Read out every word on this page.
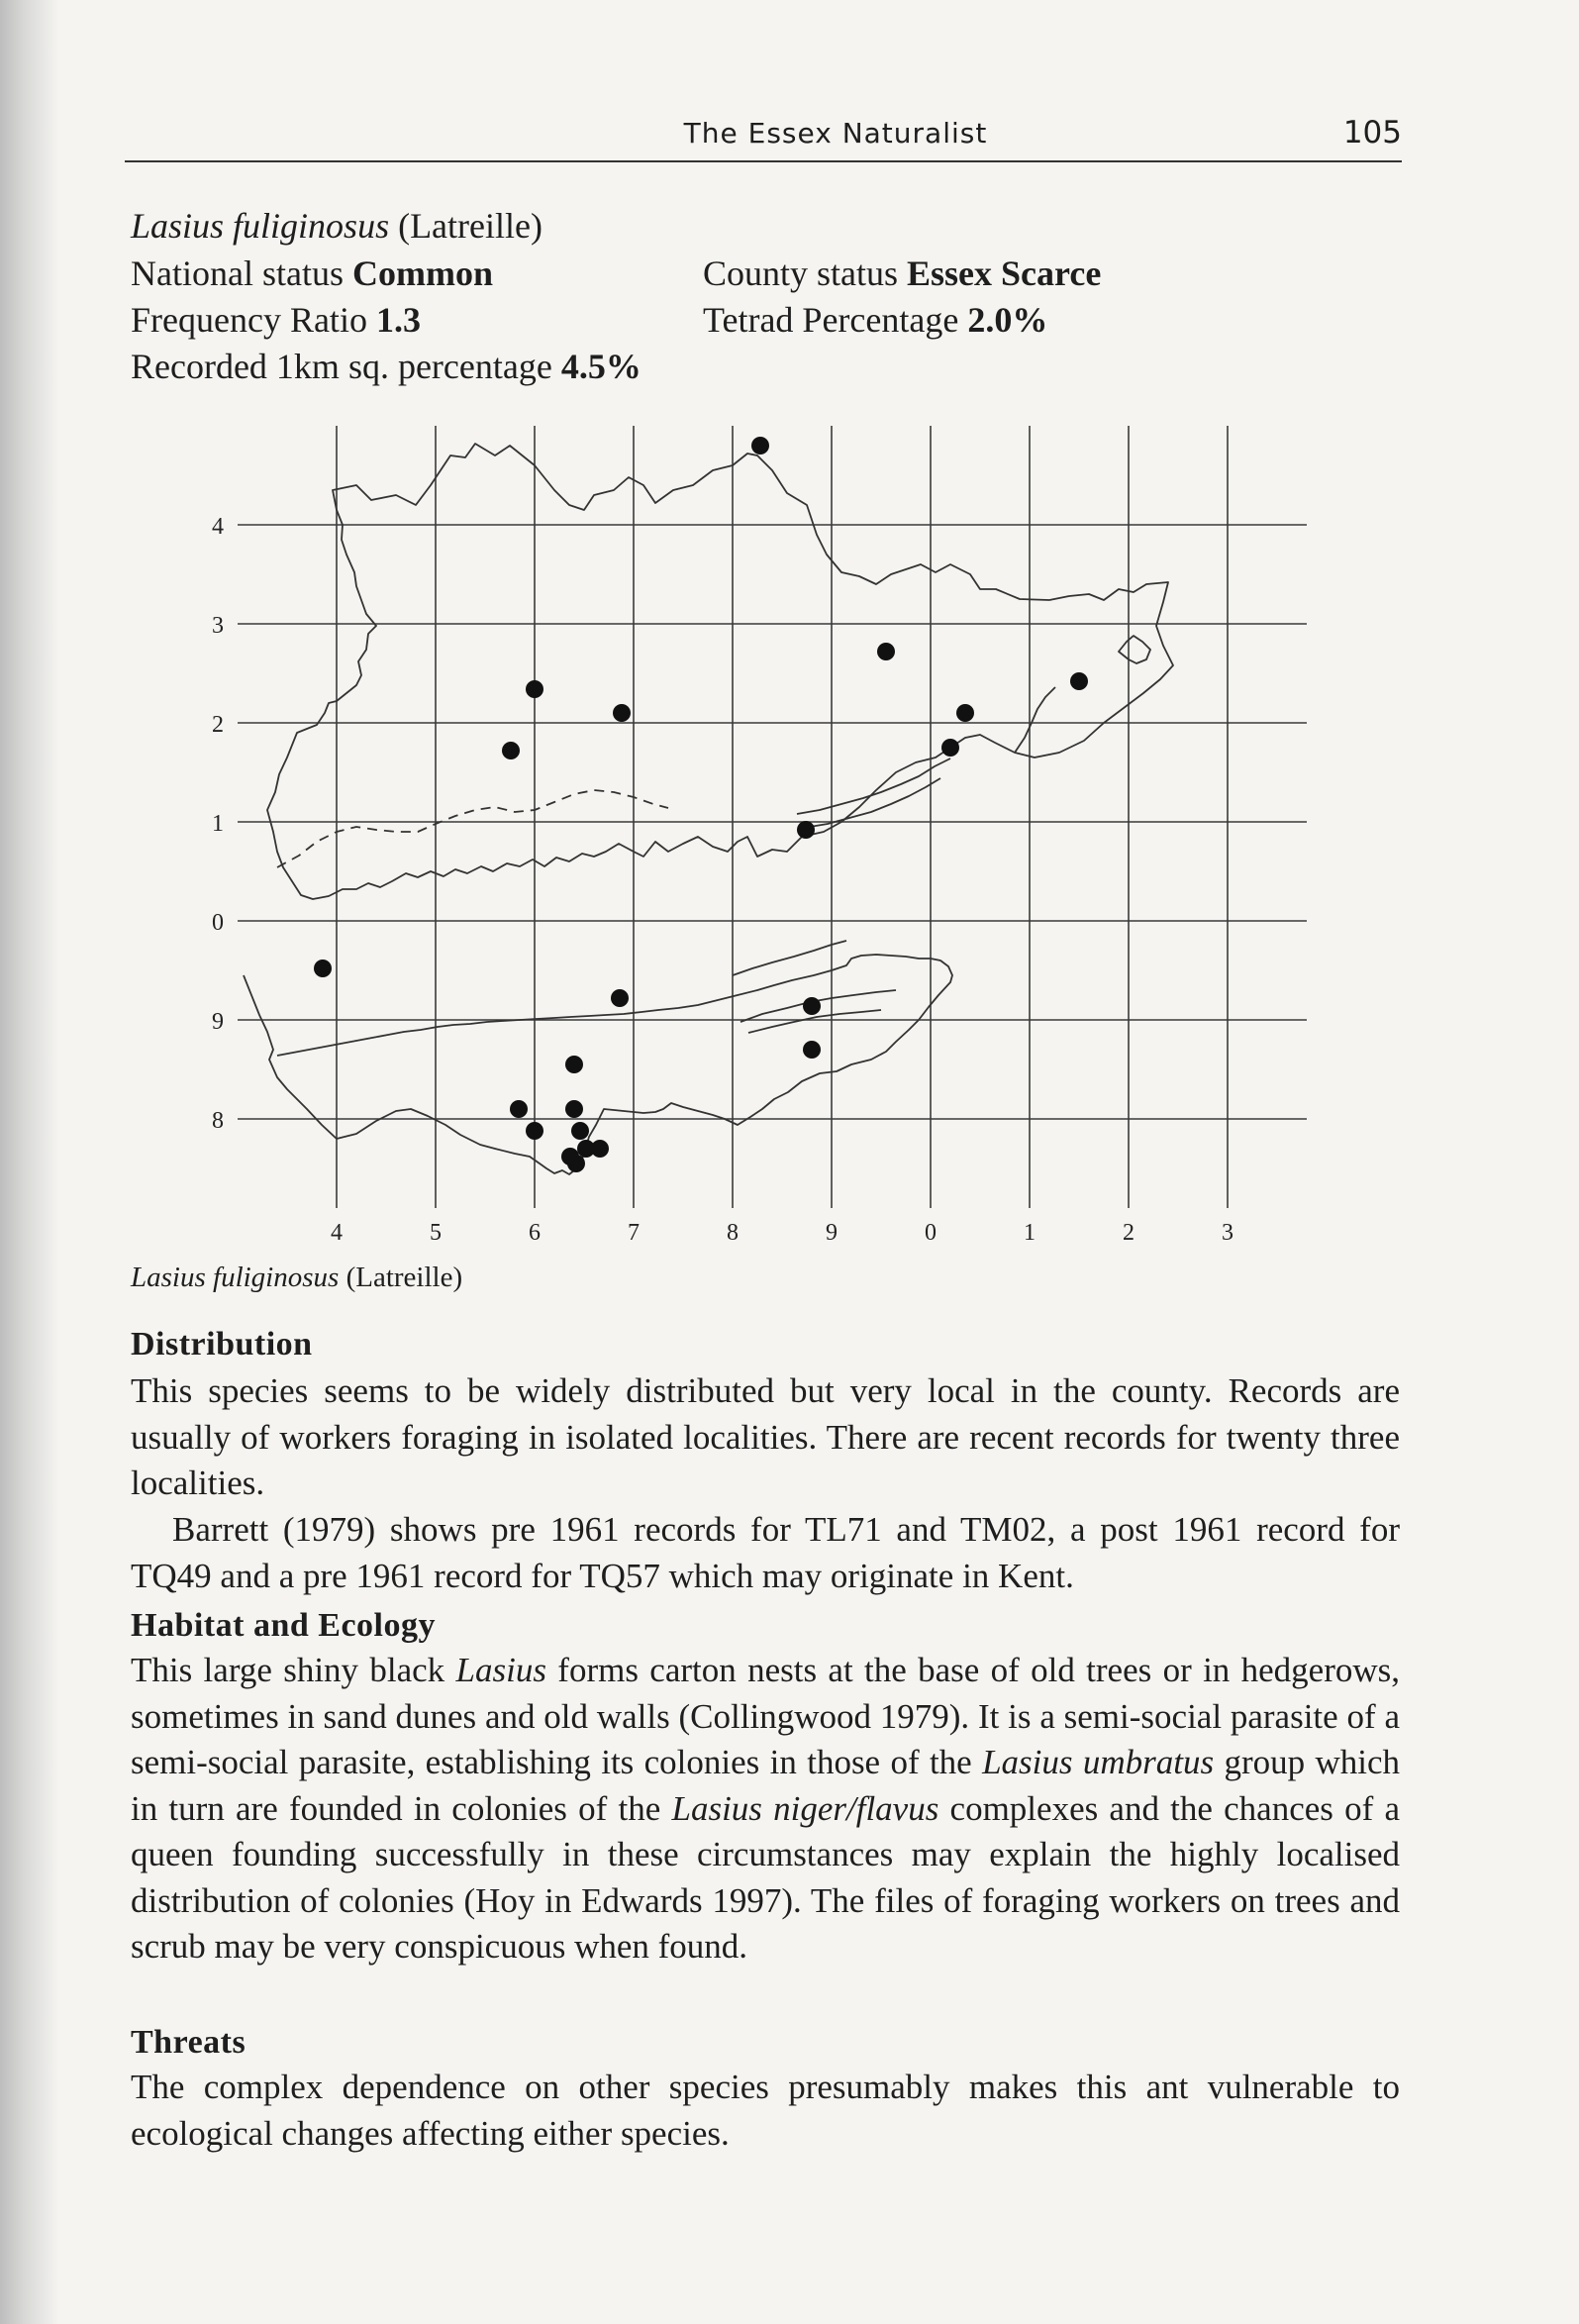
The Essex Naturalist	105
Lasius fuliginosus (Latreille)
National status Common	County status Essex Scarce
Frequency Ratio 1.3	Tetrad Percentage 2.0%
Recorded 1km sq. percentage 4.5%
4
3
2
1
0
9
8
4	5	6	7	8	9	0	1	2	3
Lasius fuliginosus (Latreille)
Distribution
This species seems to be widely distributed but very local in the county. Records are usually of workers foraging in isolated localities. There are recent records for twenty three localities.
Barrett (1979) shows pre 1961 records for TL71 and TM02, a post 1961 record for TQ49 and a pre 1961 record for TQ57 which may originate in Kent.
Habitat and Ecology
This large shiny black Lasius forms carton nests at the base of old trees or in hedgerows, sometimes in sand dunes and old walls (Collingwood 1979). It is a semi-social parasite of a semi-social parasite, establishing its colonies in those of the Lasius umbratus group which in turn are founded in colonies of the Lasius niger/flavus complexes and the chances of a queen founding successfully in these circumstances may explain the highly localised distribution of colonies (Hoy in Edwards 1997). The files of foraging workers on trees and scrub may be very conspicuous when found.
Threats
The complex dependence on other species presumably makes this ant vulnerable to ecological changes affecting either species.
